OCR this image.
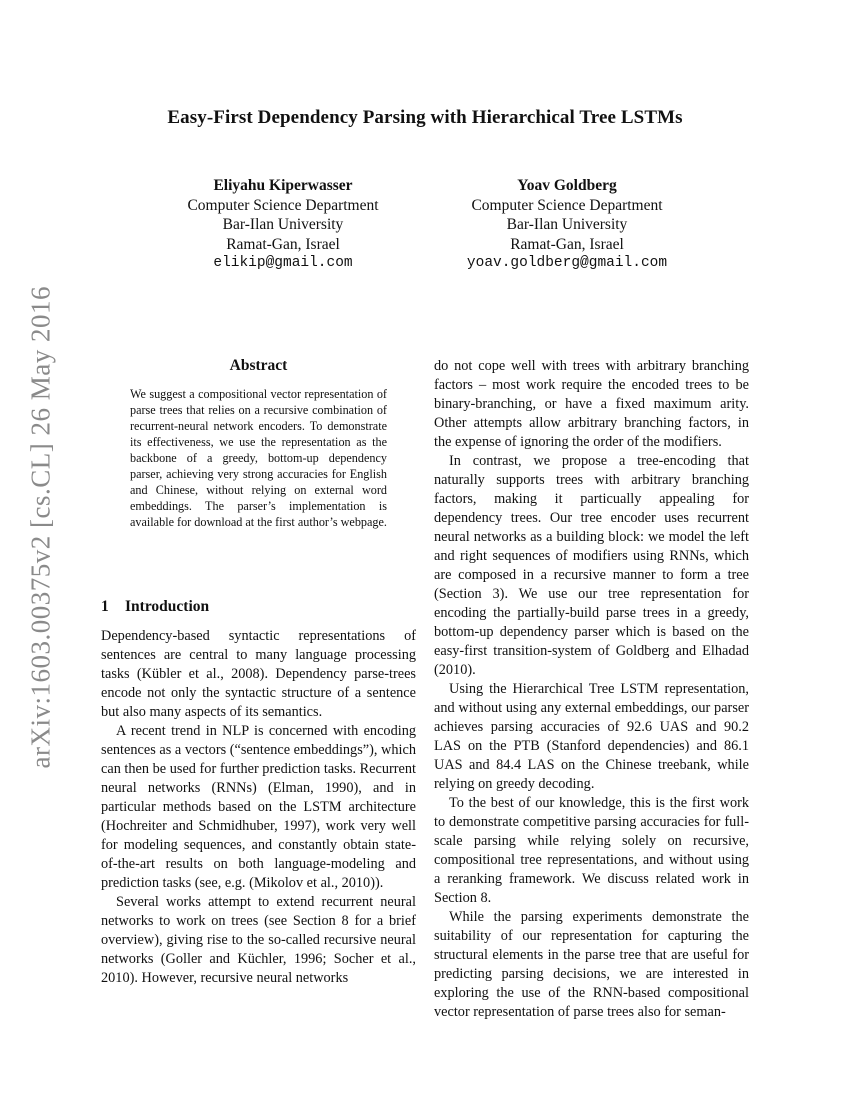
Easy-First Dependency Parsing with Hierarchical Tree LSTMs
Eliyahu Kiperwasser
Computer Science Department
Bar-Ilan University
Ramat-Gan, Israel
elikip@gmail.com
Yoav Goldberg
Computer Science Department
Bar-Ilan University
Ramat-Gan, Israel
yoav.goldberg@gmail.com
arXiv:1603.00375v2 [cs.CL] 26 May 2016	Abstract
We suggest a compositional vector representation of parse trees that relies on a recursive combination of recurrent-neural network encoders. To demonstrate its effectiveness, we use the representation as the backbone of a greedy, bottom-up dependency parser, achieving very strong accuracies for English and Chinese, without relying on external word embeddings. The parser’s implementation is available for download at the first author’s webpage.
1 Introduction

Dependency-based syntactic representations of sentences are central to many language processing tasks (Kübler et al., 2008). Dependency parse-trees encode not only the syntactic structure of a sentence but also many aspects of its semantics.

A recent trend in NLP is concerned with encoding sentences as a vectors (“sentence embeddings”), which can then be used for further prediction tasks. Recurrent neural networks (RNNs) (Elman, 1990), and in particular methods based on the LSTM architecture (Hochreiter and Schmidhuber, 1997), work very well for modeling sequences, and constantly obtain state-of-the-art results on both language-modeling and prediction tasks (see, e.g. (Mikolov et al., 2010)).

Several works attempt to extend recurrent neural networks to work on trees (see Section 8 for a brief overview), giving rise to the so-called recursive neural networks (Goller and Küchler, 1996; Socher et al., 2010). However, recursive neural networks

do not cope well with trees with arbitrary branching factors – most work require the encoded trees to be binary-branching, or have a fixed maximum arity. Other attempts allow arbitrary branching factors, in the expense of ignoring the order of the modifiers.

In contrast, we propose a tree-encoding that naturally supports trees with arbitrary branching factors, making it particually appealing for dependency trees. Our tree encoder uses recurrent neural networks as a building block: we model the left and right sequences of modifiers using RNNs, which are composed in a recursive manner to form a tree (Section 3). We use our tree representation for encoding the partially-build parse trees in a greedy, bottom-up dependency parser which is based on the easy-first transition-system of Goldberg and Elhadad (2010).

Using the Hierarchical Tree LSTM representation, and without using any external embeddings, our parser achieves parsing accuracies of 92.6 UAS and 90.2 LAS on the PTB (Stanford dependencies) and 86.1 UAS and 84.4 LAS on the Chinese treebank, while relying on greedy decoding.

To the best of our knowledge, this is the first work to demonstrate competitive parsing accuracies for full-scale parsing while relying solely on recursive, compositional tree representations, and without using a reranking framework. We discuss related work in Section 8.

While the parsing experiments demonstrate the suitability of our representation for capturing the structural elements in the parse tree that are useful for predicting parsing decisions, we are interested in exploring the use of the RNN-based compositional vector representation of parse trees also for seman-
